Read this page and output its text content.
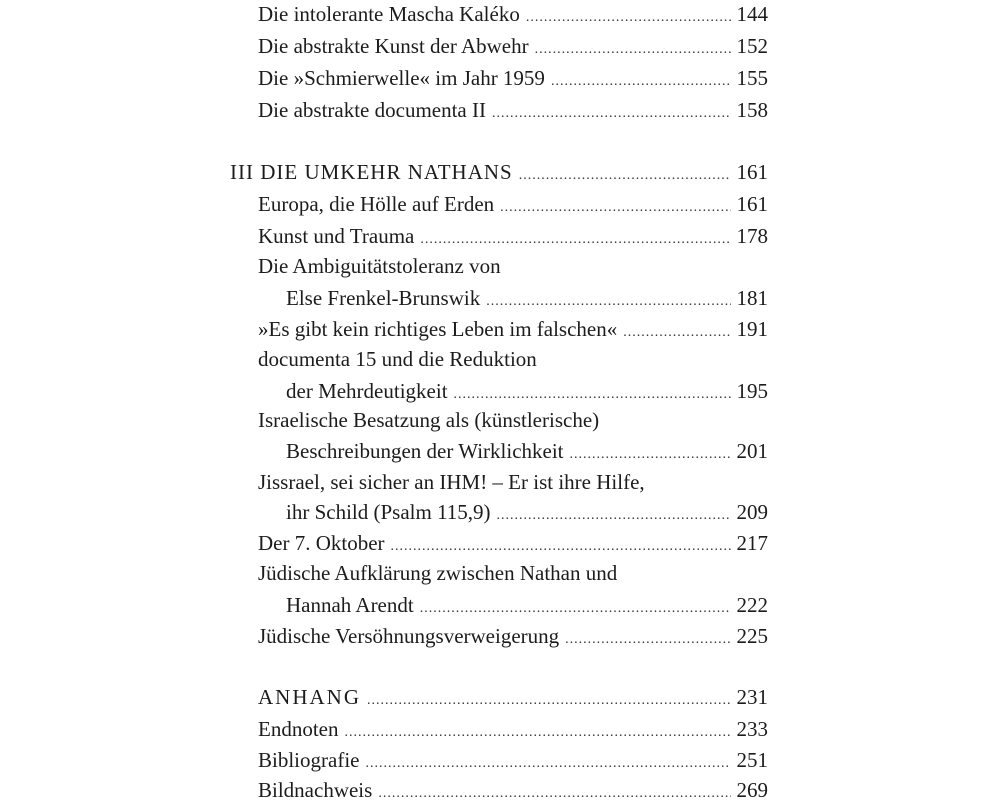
Die intolerante Mascha Kaléko .....	144
Die abstrakte Kunst der Abwehr .....	152
Die »Schmierwelle« im Jahr 1959 .....	155
Die abstrakte documenta II .....	158
III DIE UMKEHR NATHANS .....	161
Europa, die Hölle auf Erden .....	161
Kunst und Trauma .....	178
Die Ambiguitätstoleranz von
Else Frenkel-Brunswik .....	181
»Es gibt kein richtiges Leben im falschen« .....	191
documenta 15 und die Reduktion
der Mehrdeutigkeit .....	195
Israelische Besatzung als (künstlerische)
Beschreibungen der Wirklichkeit .....	201
Jissrael, sei sicher an IHM! – Er ist ihre Hilfe,
ihr Schild (Psalm 115,9) .....	209
Der 7. Oktober .....	217
Jüdische Aufklärung zwischen Nathan und
Hannah Arendt .....	222
Jüdische Versöhnungsverweigerung .....	225
ANHANG .....	231
Endnoten .....	233
Bibliografie .....	251
Bildnachweis .....	269
